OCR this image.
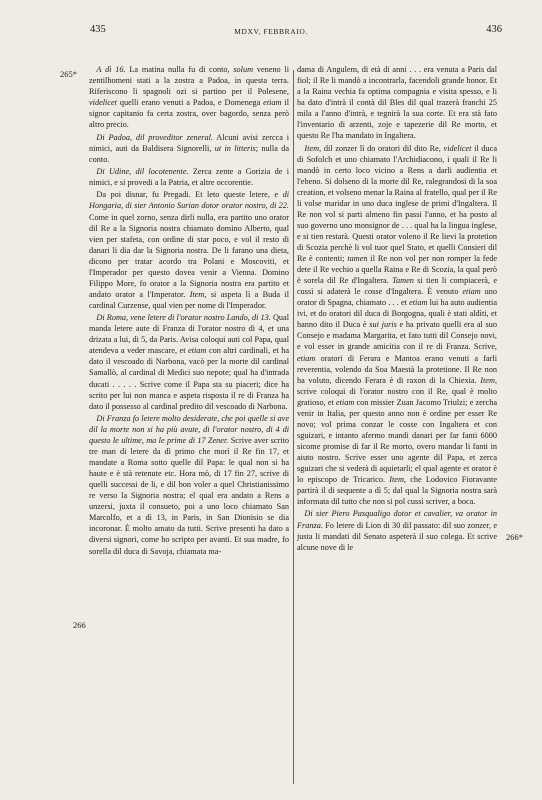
435	MDXV, FEBBRAIO.	436
265*
266
266*

A dì 16. La matina nulla fu di conto, solum veneno li zentilhomeni stati a la zostra a Padoa, in questa terra. Riferiscono li spagnoli ozi si partino per il Polesene, videlicet quelli erano venuti a Padoa, e Domenega etiam il signor capitanio fa certa zostra, over bagordo, senza però altro precio.

Di Padoa, dil proveditor zeneral. Alcuni avisi zercca i nimici, auti da Baldisera Signorelli, ut in litteris; nulla da conto.

Di Udine, dil locotenente. Zerca zente a Gorizia de i nimici, e si provedi a la Patria, et altre occorentie.

Da poi disnar, fu Pregadi. Et leto queste letere, e di Hongaria, di sier Antonio Surian dotor orator nostro, di 22. Come in quel zorno, senza dirli nulla, era partito uno orator dil Re a la Signoria nostra chiamato domino Alberto, qual vien per stafeta, con ordine di star poco, e vol il resto di danari li dia dar la Signoria nostra. De li farano una dieta, dicono per tratar acordo tra Polani e Moscoviti, et l'Imperador per questo dovea venir a Vienna. Domino Filippo More, fo orator a la Signoria nostra era partito et andato orator a l'Imperator. Item, si aspeta lì a Buda il cardinal Curzense, qual vien per nome di l'Imperador.

Di Roma, vene letere di l'orator nostro Lando, di 13. Qual manda letere aute di Franza di l'orator nostro di 4, et una drizata a lui, di 5, da Paris. Avisa coloqui auti col Papa, qual atendeva a veder mascare, et etiam con altri cardinali, et ha dato il vescoado di Narbona, vacò per la morte dil cardinal Samallò, al cardinal di Medici suo nepote; qual ha d'intrada ducati . . . . . Scrive come il Papa sta su piaceri; dice ha scrito per lui non manca e aspeta risposta il re di Franza ha dato il possesso al cardinal predito dil vescoado di Narbona.

Di Franza fo letere molto desiderate, che poi quelle si ave dil la morte non si ha più avute, di l'orator nostro, di 4 di questo le ultime, ma le prime di 17 Zener. Scrive aver scrito tre man di letere da dì primo che morì il Re fin 17, et mandate a Roma sotto quelle dil Papa: le qual non si ha haute e è stà retenute etc. Hora mò, di 17 fin 27, scrive di quelli successi de li, e dil bon voler a quel Christianissimo re verso la Signoria nostra; el qual era andato a Rens a unzersi, juxta il consueto, poi a uno loco chiamato San Marcolfo, et a dì 13, in Paris, in San Dionisio se dia incoronar. È molto amato da tutti. Scrive presenti ha dato a diversi signori, come ho scripto per avanti. Et sua madre, fo sorella dil duca di Savoja, chiamata ma-

dama di Angulem, di età di anni . . . era venuta a Paris dal fiol; il Re li mandò a incontrarla, facendoli grande honor. Et a la Raina vechia fa optima compagnia e visita spesso, e li ha dato d'intrà il contà dil Bles dil qual trazerà franchi 25 mila a l'anno d'intrà, e tegnirà la sua corte. Et era stà fato l'inventario di arzenti, zoje e tapezerie dil Re morto, et questo Re l'ha mandato in Ingaltera.

Item, dil zonzer lì do oratori dil dito Re, videlicet il duca di Sofolch et uno chiamato l'Archidiacono, i quali il Re li mandò in certo loco vicino a Rens a darli audientia et l'ebeno. Si dolseno di la morte dil Re, ralegrandosi di la soa creation, et volseno menar la Raina al fratello, qual per il Re li volse maridar in uno duca inglese de primi d'Ingaltera. Il Re non vol si parti almeno fin passi l'anno, et ha posto al suo governo uno monsignor de . . . qual ha la lingua inglese, e si tien restarà. Questi orator voleno il Re lievi la protetion di Scozia perchè li vol tuor quel Stato, et quelli Consieri dil Re è contenti; tamen il Re non vol per non romper la fede dete il Re vechio a quella Raina e Re di Scozia, la qual però è sorela dil Re d'Ingaltera. Tamen si tien li compiacerà, e cussì si adaterà le cosse d'Ingaltera. È venuto etiam uno orator di Spagna, chiamato . . . et etiam lui ha auto audientia ivi, et do oratori dil duca di Borgogna, quali è stati aldìti, et hanno dito il Duca è sui juris e ha privato quelli era al suo Consejo e madama Margarita, et fato tutti dil Consejo novi, e vol esser in grande amicitia con il re di Franza. Scrive, etiam oratori di Ferara e Mantoa erano venuti a farli reverentia, volendo da Soa Maestà la protetione. Il Re non ha voluto, dicendo Ferara è di raxon di la Chiexia. Item, scrive coloqui di l'orator nostro con il Re, qual è molto gratioso, et etiam con missier Zuan Jacomo Triulzi; e zercha venir in Italia, per questo anno non è ordine per esser Re novo; vol prima conzar le cosse con Ingaltera et con sguizari, e intanto afermo mandi danari per far fanti 6000 sicome promise di far il Re morto, overo mandar li fanti in aiuto nostro. Scrive esser uno agente dil Papa, et zerca sguizari che si vederà di aquietarli; el qual agente et orator è lo episcopo de Tricarico. Item, che Lodovico Fioravante partirà il di sequente a dì 5; dal qual la Signoria nostra sarà informata dil tutto che non si pol cussì scriver, a boca.

Di sier Piero Pasqualigo dotor et cavalier, va orator in Franza. Fo letere di Lion di 30 dil passato: dil suo zonzer, e justa li mandati dil Senato aspeterà il suo colega. Et scrive alcune nove di le
